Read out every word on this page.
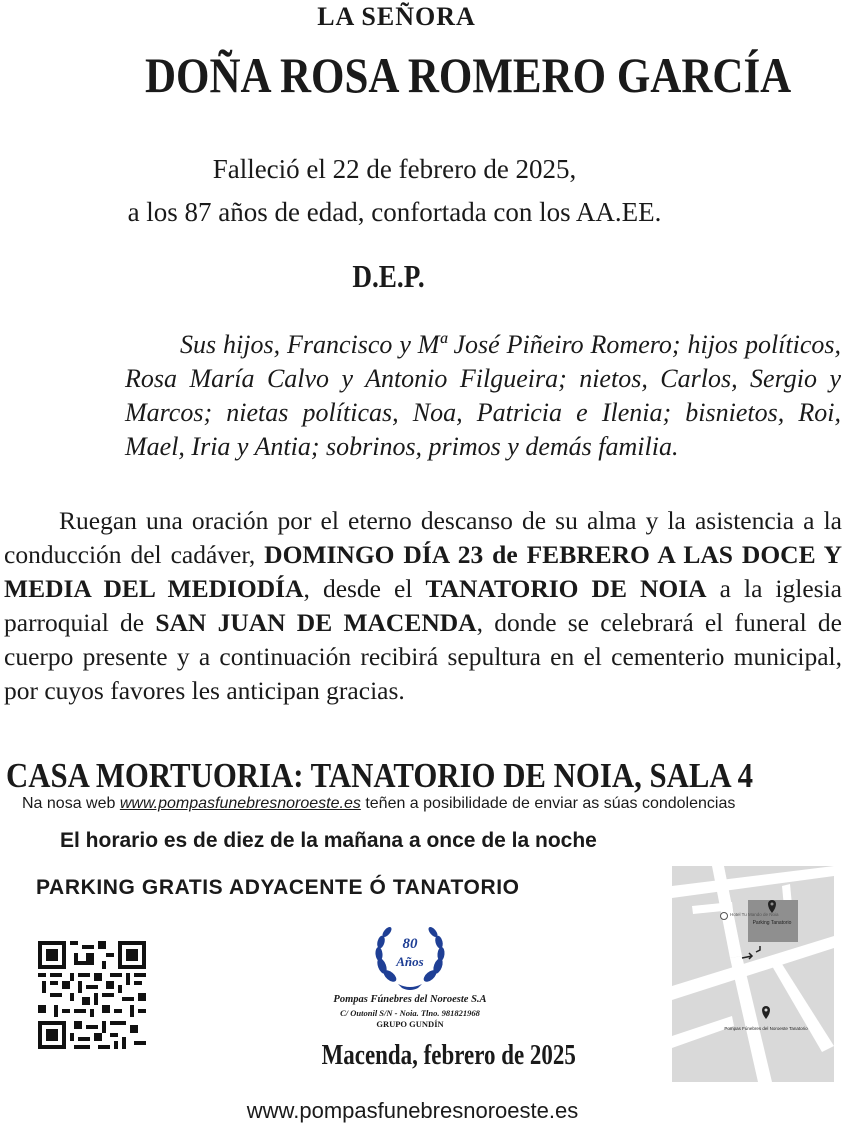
LA SEÑORA
DOÑA ROSA ROMERO GARCÍA
Falleció el 22 de febrero de 2025,
a los 87 años de edad, confortada con los AA.EE.
D.E.P.
Sus hijos, Francisco y Mª José Piñeiro Romero; hijos políticos, Rosa María Calvo y Antonio Filgueira; nietos, Carlos, Sergio y Marcos; nietas políticas, Noa, Patricia e Ilenia; bisnietos, Roi, Mael, Iria y Antia; sobrinos, primos y demás familia.
Ruegan una oración por el eterno descanso de su alma y la asistencia a la conducción del cadáver, DOMINGO DÍA 23 de FEBRERO A LAS DOCE Y MEDIA DEL MEDIODÍA, desde el TANATORIO DE NOIA a la iglesia parroquial de SAN JUAN DE MACENDA, donde se celebrará el funeral de cuerpo presente y a continuación recibirá sepultura en el cementerio municipal, por cuyos favores les anticipan gracias.
CASA MORTUORIA: TANATORIO DE NOIA, SALA 4
Na nosa web www.pompasfunebresnoroeste.es teñen a posibilidade de enviar as súas condolencias
El horario es de diez de la mañana a once de la noche
PARKING GRATIS ADYACENTE Ó TANATORIO
80
Años
Pompas Fúnebres del Noroeste S.A
C/ Outonil S/N - Noia. Tlno. 981821968
GRUPO GUNDÍN
Macenda, febrero de 2025
www.pompasfunebresnoroeste.es
Parking Tanatorio
Hotel Tu Mando de Noia
Pompas Fúnebres del Noroeste Tanatorio
